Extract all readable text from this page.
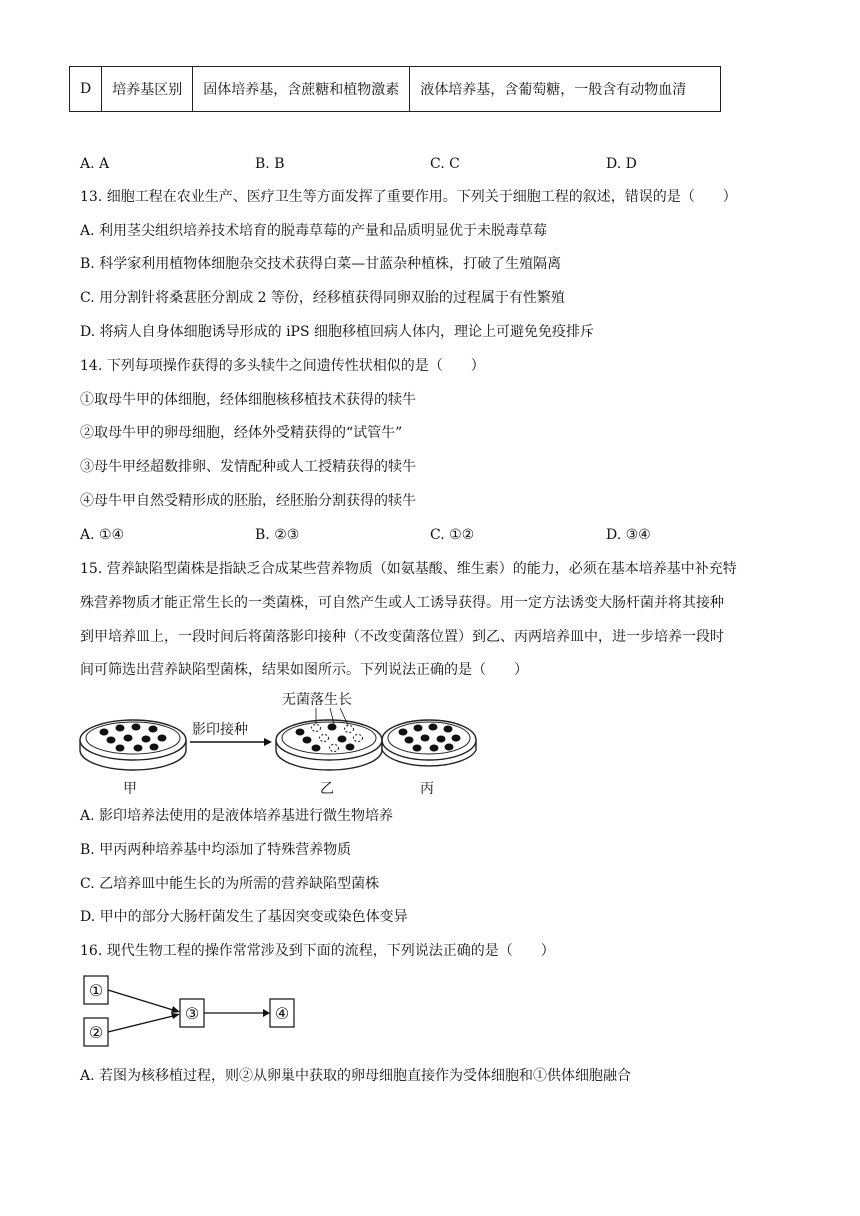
D	培养基区别	固体培养基，含蔗糖和植物激素	液体培养基，含葡萄糖，一般含有动物血清
A. A	B. B	C. C	D. D
13. 细胞工程在农业生产、医疗卫生等方面发挥了重要作用。下列关于细胞工程的叙述，错误的是（　　）
A. 利用茎尖组织培养技术培育的脱毒草莓的产量和品质明显优于未脱毒草莓
B. 科学家利用植物体细胞杂交技术获得白菜—甘蓝杂种植株，打破了生殖隔离
C. 用分割针将桑葚胚分割成 2 等份，经移植获得同卵双胎的过程属于有性繁殖
D. 将病人自身体细胞诱导形成的 iPS 细胞移植回病人体内，理论上可避免免疫排斥
14. 下列每项操作获得的多头犊牛之间遗传性状相似的是（　　）
①取母牛甲的体细胞，经体细胞核移植技术获得的犊牛
②取母牛甲的卵母细胞，经体外受精获得的“试管牛”
③母牛甲经超数排卵、发情配种或人工授精获得的犊牛
④母牛甲自然受精形成的胚胎，经胚胎分割获得的犊牛
A. ①④	B. ②③	C. ①②	D. ③④
15. 营养缺陷型菌株是指缺乏合成某些营养物质（如氨基酸、维生素）的能力，必须在基本培养基中补充特
殊营养物质才能正常生长的一类菌株，可自然产生或人工诱导获得。用一定方法诱变大肠杆菌并将其接种
到甲培养皿上，一段时间后将菌落影印接种（不改变菌落位置）到乙、丙两培养皿中，进一步培养一段时
间可筛选出营养缺陷型菌株，结果如图所示。下列说法正确的是（　　）
甲
影印接种
无菌落生长
乙	丙
A. 影印培养法使用的是液体培养基进行微生物培养
B. 甲丙两种培养基中均添加了特殊营养物质
C. 乙培养皿中能生长的为所需的营养缺陷型菌株
D. 甲中的部分大肠杆菌发生了基因突变或染色体变异
16. 现代生物工程的操作常常涉及到下面的流程，下列说法正确的是（　　）
①
②
③	④
A. 若图为核移植过程，则②从卵巢中获取的卵母细胞直接作为受体细胞和①供体细胞融合
